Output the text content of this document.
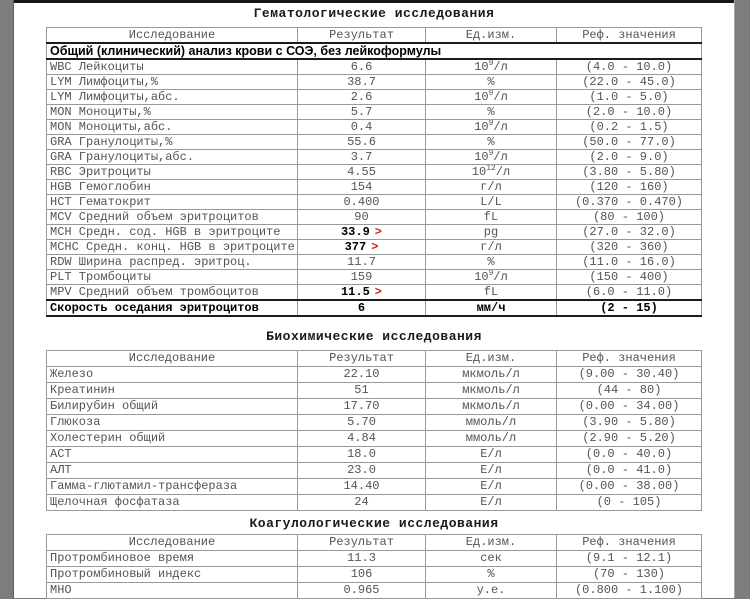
Гематологические исследования
Исследование	Результат	Ед.изм.	Реф. значения
Общий (клинический) анализ крови с СОЭ, без лейкоформулы			
WBC Лейкоциты	6.6	$10^9/л$	(4.0 - 10.0)
LYM Лимфоциты,%	38.7	%	(22.0 - 45.0)
LYM Лимфоциты,абс.	2.6	$10^9/л$	(1.0 - 5.0)
MON Моноциты,%	5.7	%	(2.0 - 10.0)
MON Моноциты,абс.	0.4	$10^9/л$	(0.2 - 1.5)
GRA Гранулоциты,%	55.6	%	(50.0 - 77.0)
GRA Гранулоциты,абс.	3.7	$10^9/л$	(2.0 - 9.0)
RBC Эритроциты	4.55	$10^{12}/л$	(3.80 - 5.80)
HGB Гемоглобин	154	г/л	(120 - 160)
HCT Гематокрит	0.400	L/L	(0.370 - 0.470)
MCV Средний объем эритроцитов	90	fL	(80 - 100)
MCH Средн. сод. HGB в эритроците	33.9 >	pg	(27.0 - 32.0)
MCHC Средн. конц. HGB в эритроците	377 >	г/л	(320 - 360)
RDW Ширина распред. эритроц.	11.7	%	(11.0 - 16.0)
PLT Тромбоциты	159	$10^9/л$	(150 - 400)
MPV Средний объем тромбоцитов	11.5 >	fL	(6.0 - 11.0)
Скорость оседания эритроцитов	6	мм/ч	(2 - 15)
Биохимические исследования
Исследование	Результат	Ед.изм.	Реф. значения
Железо	22.10	мкмоль/л	(9.00 - 30.40)
Креатинин	51	мкмоль/л	(44 - 80)
Билирубин общий	17.70	мкмоль/л	(0.00 - 34.00)
Глюкоза	5.70	ммоль/л	(3.90 - 5.80)
Холестерин общий	4.84	ммоль/л	(2.90 - 5.20)
АСТ	18.0	Е/л	(0.0 - 40.0)
АЛТ	23.0	Е/л	(0.0 - 41.0)
Гамма-глютамил-трансфераза	14.40	Е/л	(0.00 - 38.00)
Щелочная фосфатаза	24	Е/л	(0 - 105)
Коагулологические исследования
Исследование	Результат	Ед.изм.	Реф. значения
Протромбиновое время	11.3	сек	(9.1 - 12.1)
Протромбиновый индекс	106	%	(70 - 130)
МНО	0.965	у.е.	(0.800 - 1.100)
